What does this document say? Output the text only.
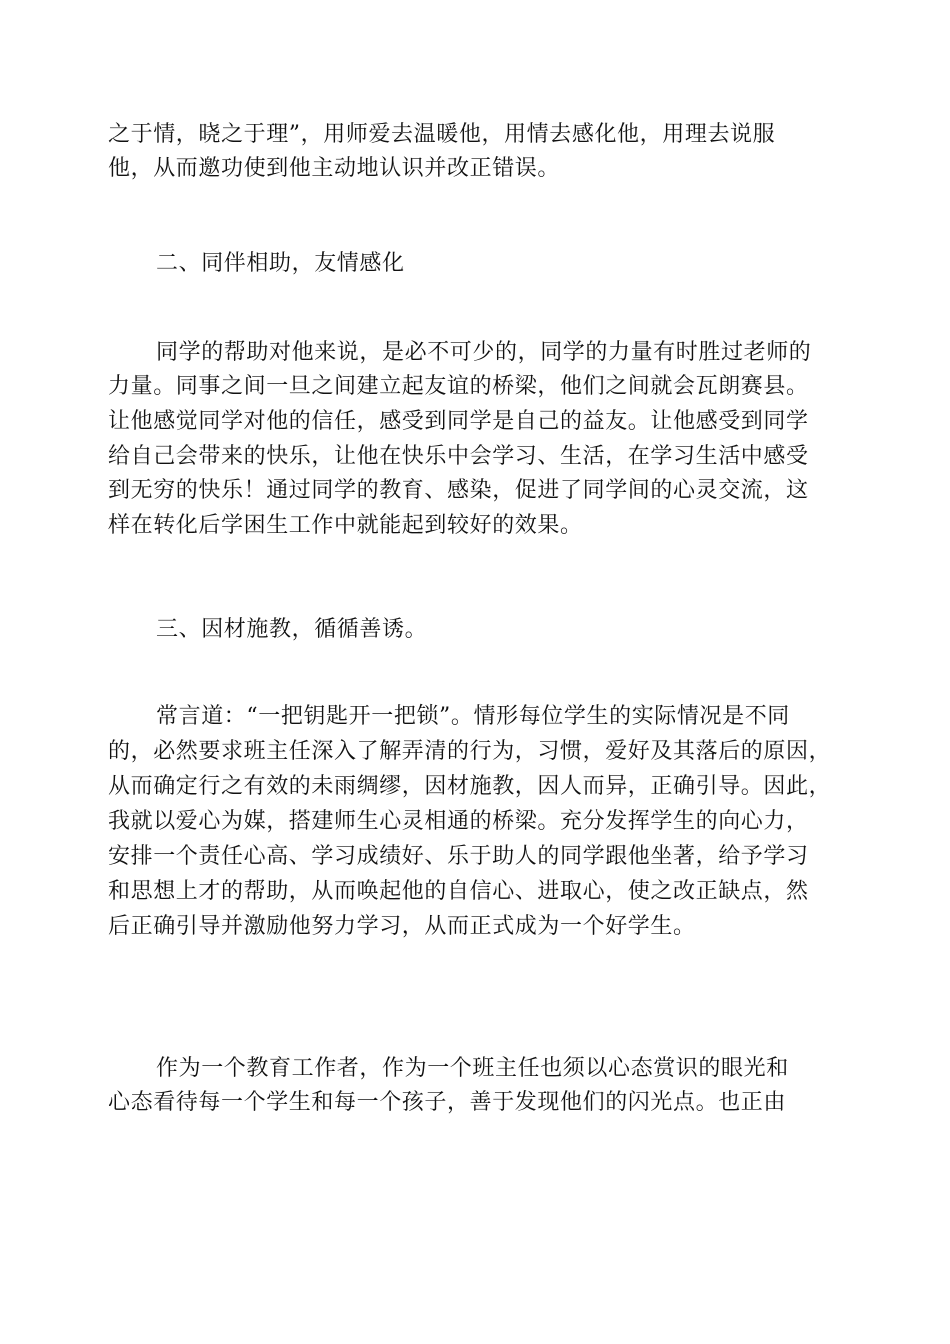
之于情，晓之于理”，用师爱去温暖他，用情去感化他，用理去说服
他，从而邀功使到他主动地认识并改正错误。
二、同伴相助，友情感化
同学的帮助对他来说，是必不可少的，同学的力量有时胜过老师的
力量。同事之间一旦之间建立起友谊的桥梁，他们之间就会瓦朗赛县。
让他感觉同学对他的信任，感受到同学是自己的益友。让他感受到同学
给自己会带来的快乐，让他在快乐中会学习、生活，在学习生活中感受
到无穷的快乐！通过同学的教育、感染，促进了同学间的心灵交流，这
样在转化后学困生工作中就能起到较好的效果。
三、因材施教，循循善诱。
常言道：“一把钥匙开一把锁”。情形每位学生的实际情况是不同
的，必然要求班主任深入了解弄清的行为，习惯，爱好及其落后的原因，
从而确定行之有效的未雨绸缪，因材施教，因人而异，正确引导。因此，
我就以爱心为媒，搭建师生心灵相通的桥梁。充分发挥学生的向心力，
安排一个责任心高、学习成绩好、乐于助人的同学跟他坐著，给予学习
和思想上才的帮助，从而唤起他的自信心、进取心，使之改正缺点，然
后正确引导并激励他努力学习，从而正式成为一个好学生。
作为一个教育工作者，作为一个班主任也须以心态赏识的眼光和
心态看待每一个学生和每一个孩子，善于发现他们的闪光点。也正由
